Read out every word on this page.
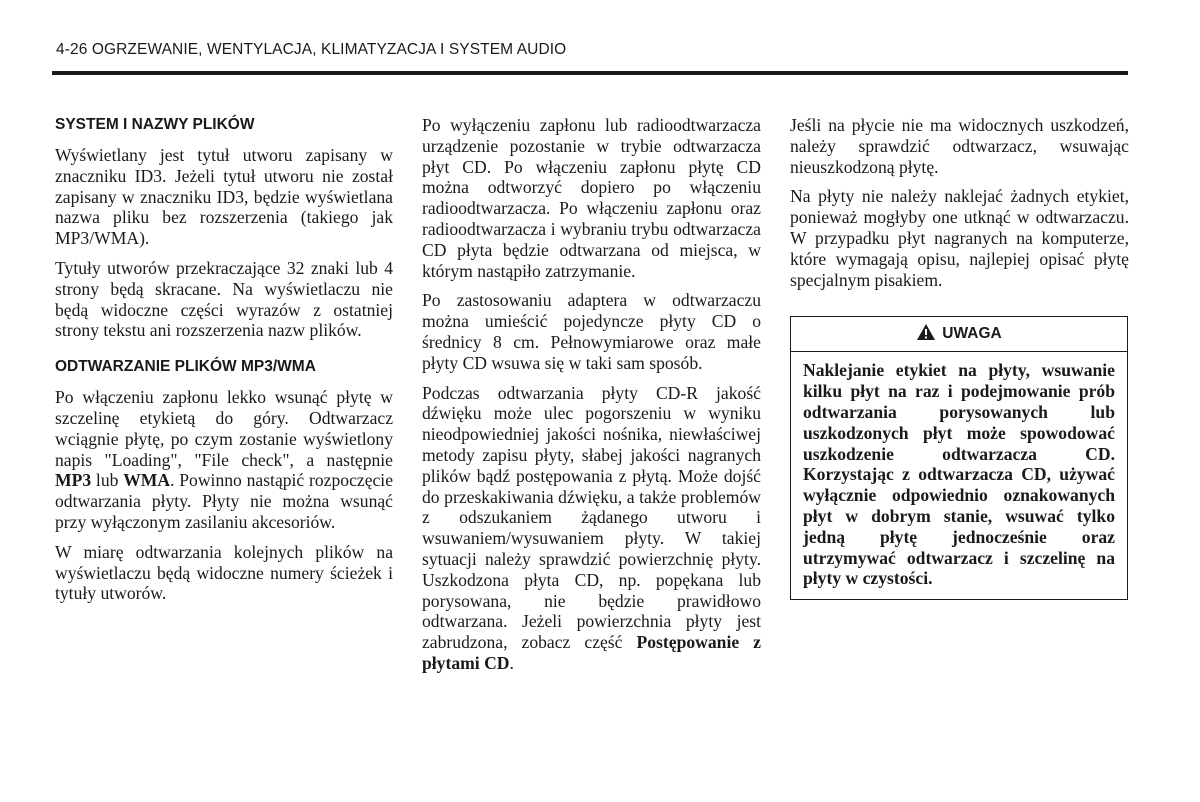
4-26 OGRZEWANIE, WENTYLACJA, KLIMATYZACJA I SYSTEM AUDIO
SYSTEM I NAZWY PLIKÓW

Wyświetlany jest tytuł utworu zapisany w znaczniku ID3. Jeżeli tytuł utworu nie został zapisany w znaczniku ID3, będzie wyświetlana nazwa pliku bez rozszerzenia (takiego jak MP3/WMA).

Tytuły utworów przekraczające 32 znaki lub 4 strony będą skracane. Na wyświetlaczu nie będą widoczne części wyrazów z ostatniej strony tekstu ani rozszerzenia nazw plików.

ODTWARZANIE PLIKÓW MP3/WMA

Po włączeniu zapłonu lekko wsunąć płytę w szczelinę etykietą do góry. Odtwarzacz wciągnie płytę, po czym zostanie wyświetlony napis "Loading", "File check", a następnie MP3 lub WMA. Powinno nastąpić rozpoczęcie odtwarzania płyty. Płyty nie można wsunąć przy wyłączonym zasilaniu akcesoriów.

W miarę odtwarzania kolejnych plików na wyświetlaczu będą widoczne numery ścieżek i tytuły utworów.

Po wyłączeniu zapłonu lub radioodtwarzacza urządzenie pozostanie w trybie odtwarzacza płyt CD. Po włączeniu zapłonu płytę CD można odtworzyć dopiero po włączeniu radioodtwarzacza. Po włączeniu zapłonu oraz radioodtwarzacza i wybraniu trybu odtwarzacza CD płyta będzie odtwarzana od miejsca, w którym nastąpiło zatrzymanie.

Po zastosowaniu adaptera w odtwarzaczu można umieścić pojedyncze płyty CD o średnicy 8 cm. Pełnowymiarowe oraz małe płyty CD wsuwa się w taki sam sposób.

Podczas odtwarzania płyty CD-R jakość dźwięku może ulec pogorszeniu w wyniku nieodpowiedniej jakości nośnika, niewłaściwej metody zapisu płyty, słabej jakości nagranych plików bądź postępowania z płytą. Może dojść do przeskakiwania dźwięku, a także problemów z odszukaniem żądanego utworu i wsuwaniem/wysuwaniem płyty. W takiej sytuacji należy sprawdzić powierzchnię płyty. Uszkodzona płyta CD, np. popękana lub porysowana, nie będzie prawidłowo odtwarzana. Jeżeli powierzchnia płyty jest zabrudzona, zobacz część Postępowanie z płytami CD.

Jeśli na płycie nie ma widocznych uszkodzeń, należy sprawdzić odtwarzacz, wsuwając nieuszkodzoną płytę.

Na płyty nie należy naklejać żadnych etykiet, ponieważ mogłyby one utknąć w odtwarzaczu. W przypadku płyt nagranych na komputerze, które wymagają opisu, najlepiej opisać płytę specjalnym pisakiem.

UWAGA
Naklejanie etykiet na płyty, wsuwanie kilku płyt na raz i podejmowanie prób odtwarzania porysowanych lub uszkodzonych płyt może spowodować uszkodzenie odtwarzacza CD. Korzystając z odtwarzacza CD, używać wyłącznie odpowiednio oznakowanych płyt w dobrym stanie, wsuwać tylko jedną płytę jednocześnie oraz utrzymywać odtwarzacz i szczelinę na płyty w czystości.
